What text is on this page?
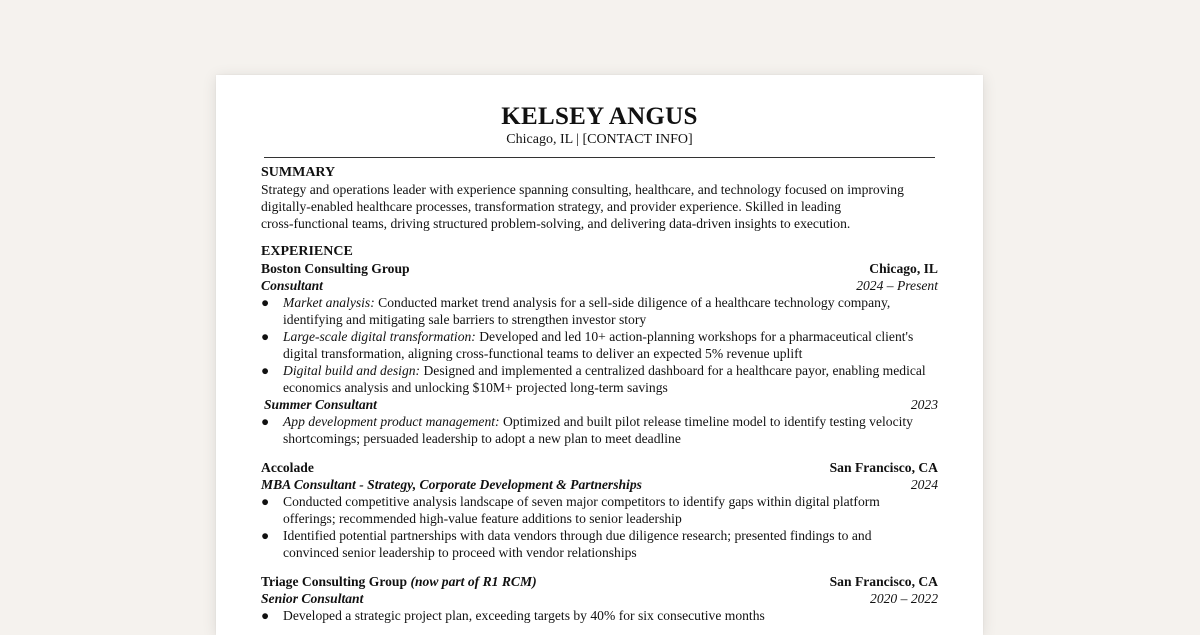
KELSEY ANGUS
Chicago, IL | [CONTACT INFO]
SUMMARY
Strategy and operations leader with experience spanning consulting, healthcare, and technology focused on improving
digitally-enabled healthcare processes, transformation strategy, and provider experience. Skilled in leading
cross-functional teams, driving structured problem-solving, and delivering data-driven insights to execution.
EXPERIENCE
Boston Consulting Group	Chicago, IL
Consultant	2024 – Present
● Market analysis: Conducted market trend analysis for a sell-side diligence of a healthcare technology company,
identifying and mitigating sale barriers to strengthen investor story
● Large-scale digital transformation: Developed and led 10+ action-planning workshops for a pharmaceutical client's
digital transformation, aligning cross-functional teams to deliver an expected 5% revenue uplift
● Digital build and design: Designed and implemented a centralized dashboard for a healthcare payor, enabling medical
economics analysis and unlocking $10M+ projected long-term savings
Summer Consultant	2023
● App development product management: Optimized and built pilot release timeline model to identify testing velocity
shortcomings; persuaded leadership to adopt a new plan to meet deadline
Accolade	San Francisco, CA
MBA Consultant - Strategy, Corporate Development & Partnerships	2024
● Conducted competitive analysis landscape of seven major competitors to identify gaps within digital platform
offerings; recommended high-value feature additions to senior leadership
● Identified potential partnerships with data vendors through due diligence research; presented findings to and
convinced senior leadership to proceed with vendor relationships
Triage Consulting Group (now part of R1 RCM)	San Francisco, CA
Senior Consultant	2020 – 2022
● Developed a strategic project plan, exceeding targets by 40% for six consecutive months
